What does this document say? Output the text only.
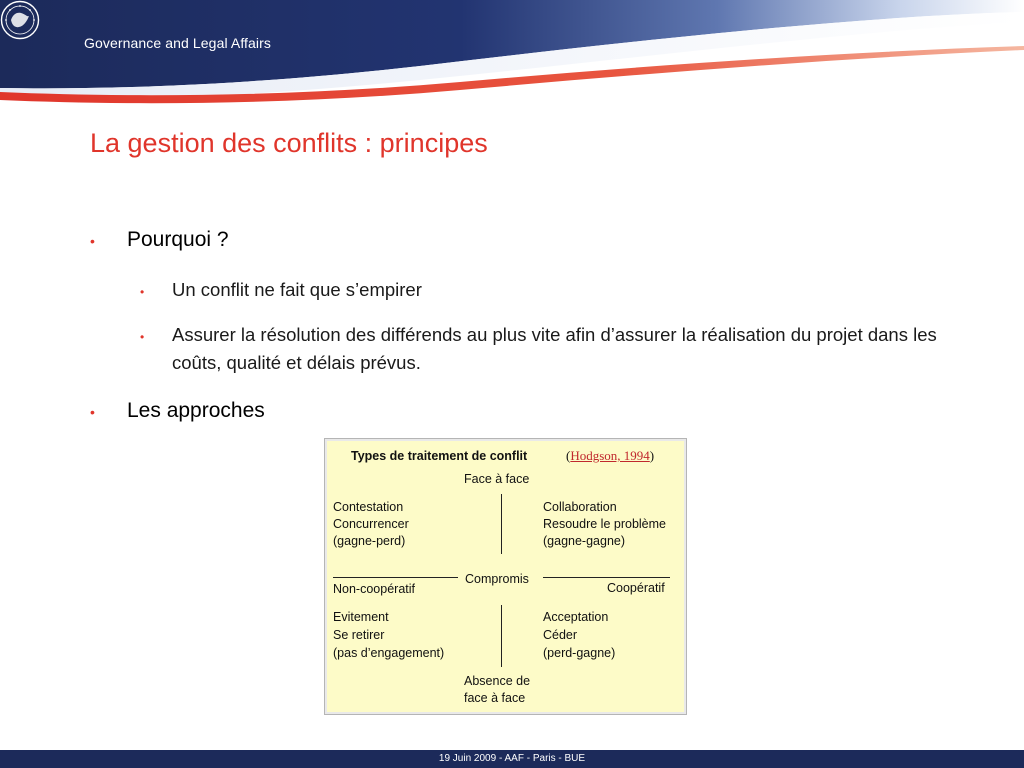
Governance and Legal Affairs
La gestion des conflits : principes
•	Pourquoi ?
•	Un conflit ne fait que s’empirer
•	Assurer la résolution des différends au plus vite afin d’assurer la réalisation du projet dans les coûts, qualité et délais prévus.
•	Les approches
Types de traitement de conflit	(Hodgson, 1994)
Face à face
Contestation
Concurrencer
(gagne-perd)
Collaboration
Resoudre le problème
(gagne-gagne)
Non-coopératif
Compromis
Coopératif
Evitement
Se retirer
(pas d’engagement)
Acceptation
Céder
(perd-gagne)
Absence de
face à face
19 Juin 2009 - AAF - Paris - BUE
